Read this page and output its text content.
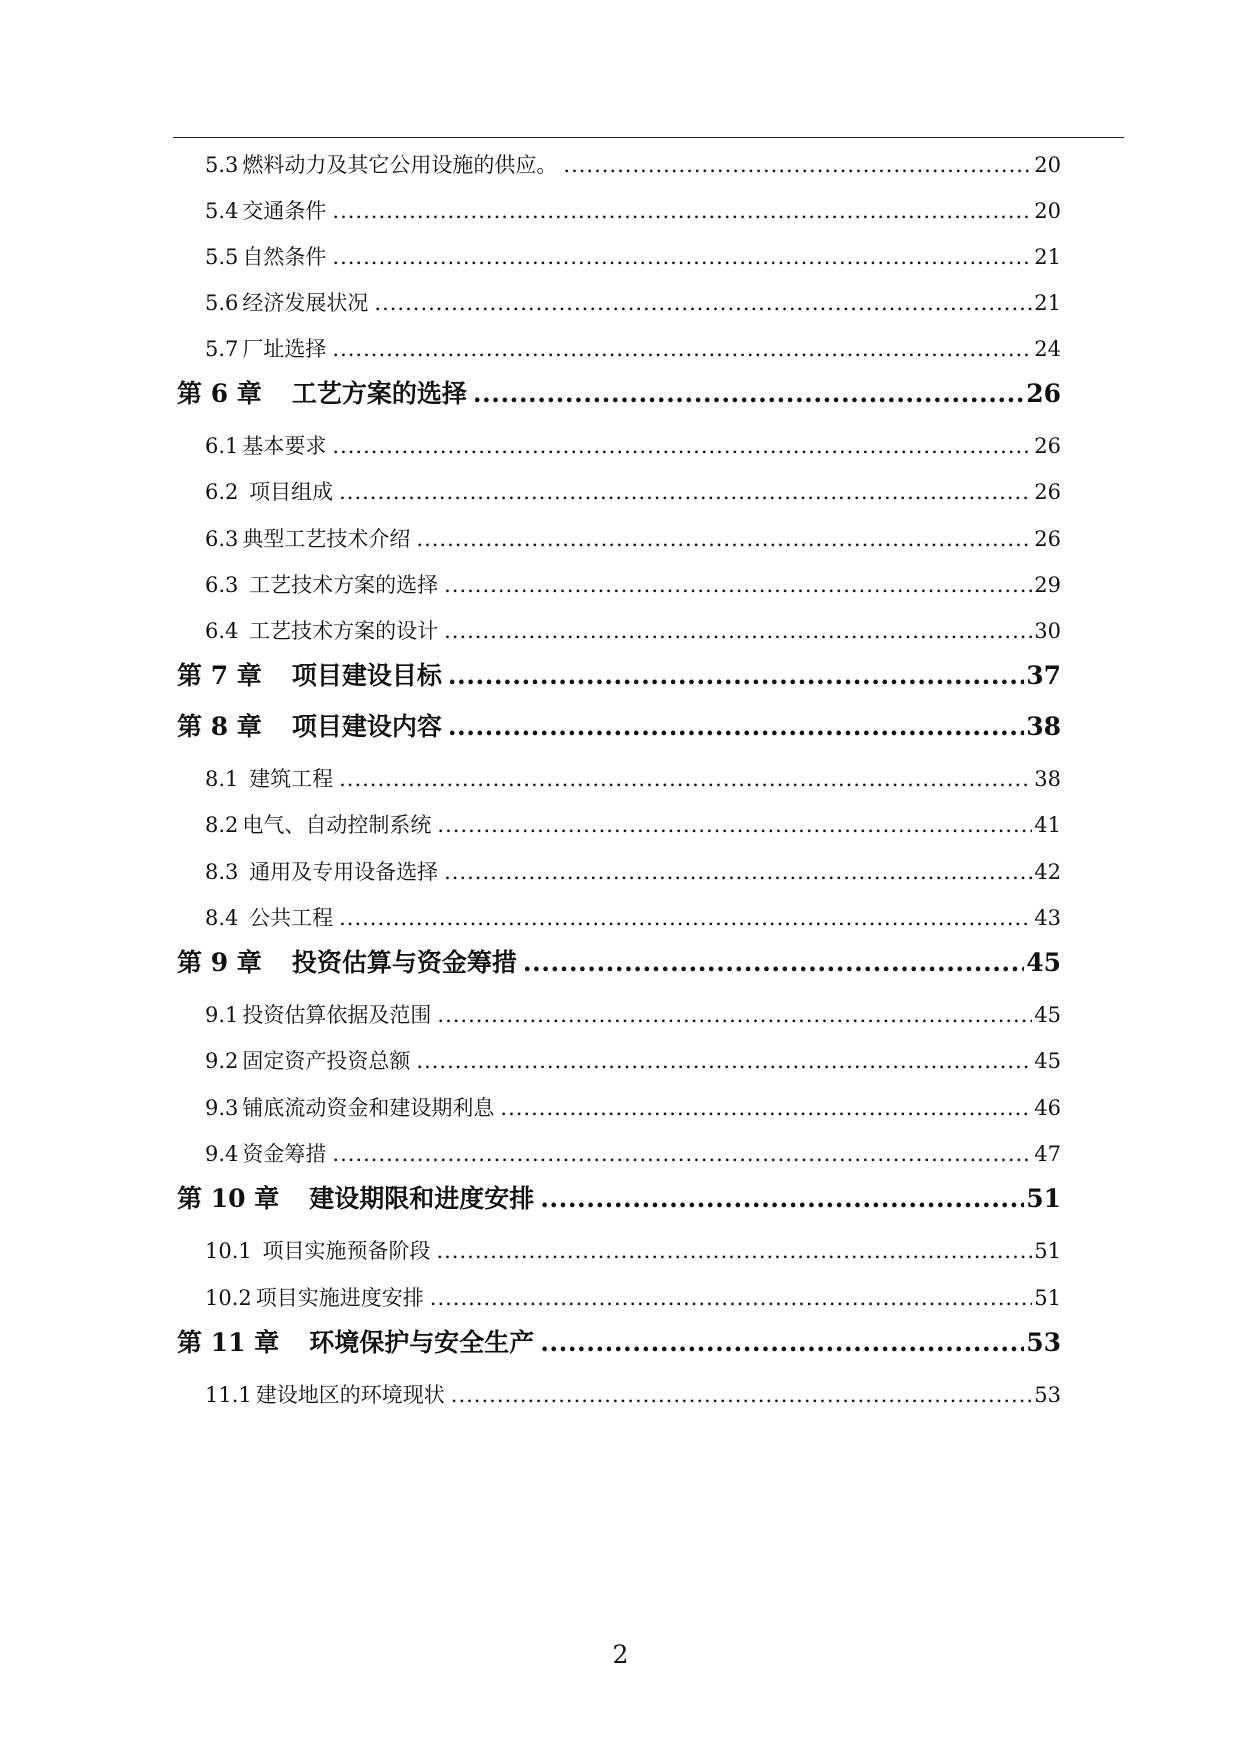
5.3 燃料动力及其它公用设施的供应。 .....	20
5.4 交通条件 .....	20
5.5 自然条件 .....	21
5.6 经济发展状况 .....	21
5.7 厂址选择 .....	24
第 6 章 工艺方案的选择 .....	26
6.1 基本要求 .....	26
6.2 项目组成 .....	26
6.3 典型工艺技术介绍 .....	26
6.3 工艺技术方案的选择 .....	29
6.4 工艺技术方案的设计 .....	30
第 7 章 项目建设目标 .....	37
第 8 章 项目建设内容 .....	38
8.1 建筑工程 .....	38
8.2 电气、自动控制系统 .....	41
8.3 通用及专用设备选择 .....	42
8.4 公共工程 .....	43
第 9 章 投资估算与资金筹措 .....	45
9.1 投资估算依据及范围 .....	45
9.2 固定资产投资总额 .....	45
9.3 铺底流动资金和建设期利息 .....	46
9.4 资金筹措 .....	47
第 10 章 建设期限和进度安排 .....	51
10.1 项目实施预备阶段 .....	51
10.2 项目实施进度安排 .....	51
第 11 章 环境保护与安全生产 .....	53
11.1 建设地区的环境现状 .....	53
2
